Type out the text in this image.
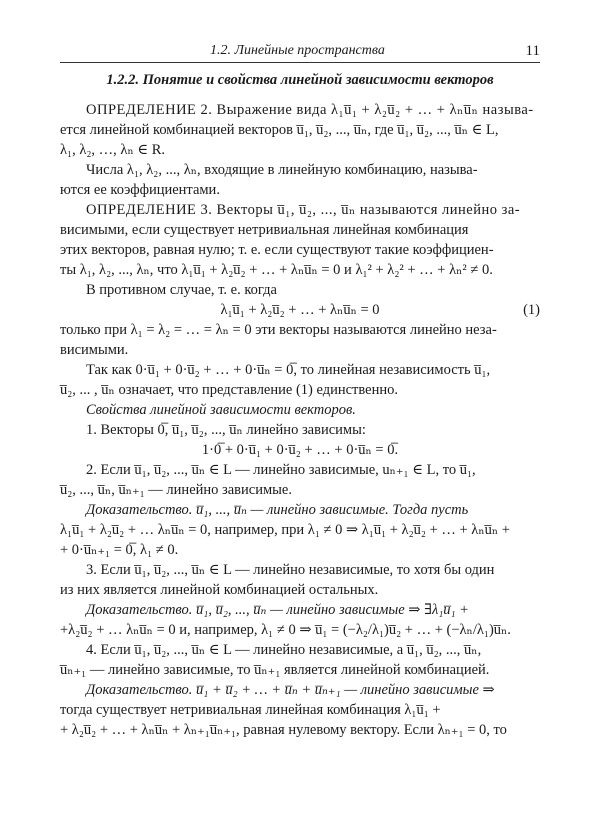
1.2. Линейные пространства	11
1.2.2. Понятие и свойства линейной зависимости векторов

ОПРЕДЕЛЕНИЕ 2. Выражение вида λ₁u̅₁ + λ₂u̅₂ + … + λₙu̅ₙ называ-

ется линейной комбинацией векторов u̅₁, u̅₂, ..., u̅ₙ, где u̅₁, u̅₂, ..., u̅ₙ ∈ L,

λ₁, λ₂, …, λₙ ∈ R.

Числа λ₁, λ₂, ..., λₙ, входящие в линейную комбинацию, называ-

ются ее коэффициентами.

ОПРЕДЕЛЕНИЕ 3. Векторы u̅₁, u̅₂, ..., u̅ₙ называются линейно за-

висимыми, если существует нетривиальная линейная комбинация

этих векторов, равная нулю; т. е. если существуют такие коэффициен-

ты λ₁, λ₂, ..., λₙ, что λ₁u̅₁ + λ₂u̅₂ + … + λₙu̅ₙ = 0 и λ₁² + λ₂² + … + λₙ² ≠ 0.

В противном случае, т. е. когда

λ₁u̅₁ + λ₂u̅₂ + … + λₙu̅ₙ = 0	(1)

только при λ₁ = λ₂ = … = λₙ = 0 эти векторы называются линейно неза-

висимыми.

Так как 0·u̅₁ + 0·u̅₂ + … + 0·u̅ₙ = 0̅, то линейная независимость u̅₁,

u̅₂, ... , u̅ₙ означает, что представление (1) единственно.

Свойства линейной зависимости векторов.

1. Векторы 0̅, u̅₁, u̅₂, ..., u̅ₙ линейно зависимы:

1·0̅ + 0·u̅₁ + 0·u̅₂ + … + 0·u̅ₙ = 0̅.

2. Если u̅₁, u̅₂, ..., u̅ₙ ∈ L — линейно зависимые, uₙ₊₁ ∈ L, то u̅₁,

u̅₂, ..., u̅ₙ, u̅ₙ₊₁ — линейно зависимые.

Доказательство. u̅₁, ..., u̅ₙ — линейно зависимые. Тогда пусть

λ₁u̅₁ + λ₂u̅₂ + … λₙu̅ₙ = 0, например, при λ₁ ≠ 0 ⇒ λ₁u̅₁ + λ₂u̅₂ + … + λₙu̅ₙ +

+ 0·u̅ₙ₊₁ = 0̅, λ₁ ≠ 0.

3. Если u̅₁, u̅₂, ..., u̅ₙ ∈ L — линейно независимые, то хотя бы один

из них является линейной комбинацией остальных.

Доказательство. u̅₁, u̅₂, ..., u̅ₙ — линейно зависимые ⇒ ∃λ₁u̅₁ +

+λ₂u̅₂ + … λₙu̅ₙ = 0 и, например, λ₁ ≠ 0 ⇒ u̅₁ = (−λ₂/λ₁)u̅₂ + … + (−λₙ/λ₁)u̅ₙ.

4. Если u̅₁, u̅₂, ..., u̅ₙ ∈ L — линейно независимые, а u̅₁, u̅₂, ..., u̅ₙ,

u̅ₙ₊₁ — линейно зависимые, то u̅ₙ₊₁ является линейной комбинацией.

Доказательство. u̅₁ + u̅₂ + … + u̅ₙ + u̅ₙ₊₁ — линейно зависимые ⇒

тогда существует нетривиальная линейная комбинация λ₁u̅₁ +

+ λ₂u̅₂ + … + λₙu̅ₙ + λₙ₊₁u̅ₙ₊₁, равная нулевому вектору. Если λₙ₊₁ = 0, то
